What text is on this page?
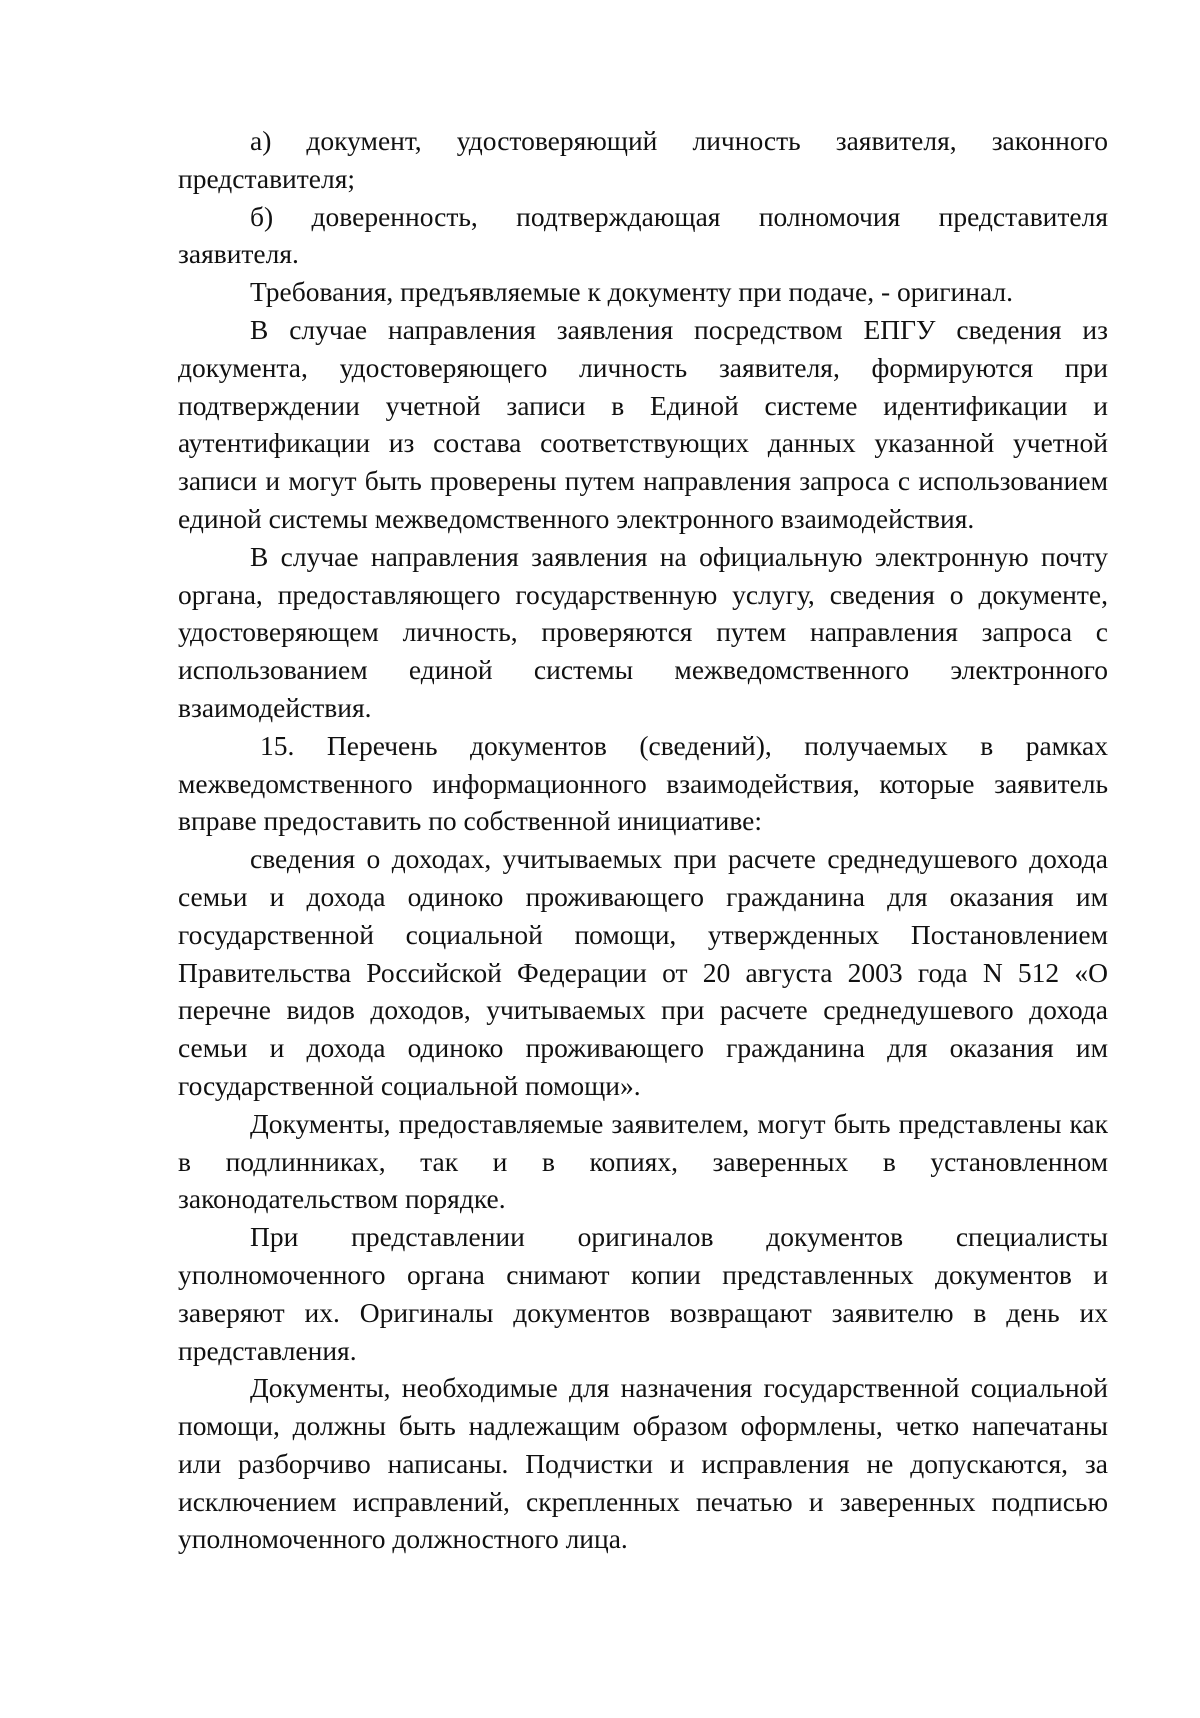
а) документ, удостоверяющий личность заявителя, законного представителя;

б) доверенность, подтверждающая полномочия представителя заявителя.

Требования, предъявляемые к документу при подаче, - оригинал.

В случае направления заявления посредством ЕПГУ сведения из документа, удостоверяющего личность заявителя, формируются при подтверждении учетной записи в Единой системе идентификации и аутентификации из состава соответствующих данных указанной учетной записи и могут быть проверены путем направления запроса с использованием единой системы межведомственного электронного взаимодействия.

В случае направления заявления на официальную электронную почту органа, предоставляющего государственную услугу, сведения о документе, удостоверяющем личность, проверяются путем направления запроса с использованием единой системы межведомственного электронного взаимодействия.

15. Перечень документов (сведений), получаемых в рамках межведомственного информационного взаимодействия, которые заявитель вправе предоставить по собственной инициативе:

сведения о доходах, учитываемых при расчете среднедушевого дохода семьи и дохода одиноко проживающего гражданина для оказания им государственной социальной помощи, утвержденных Постановлением Правительства Российской Федерации от 20 августа 2003 года N 512 «О перечне видов доходов, учитываемых при расчете среднедушевого дохода семьи и дохода одиноко проживающего гражданина для оказания им государственной социальной помощи».

Документы, предоставляемые заявителем, могут быть представлены как в подлинниках, так и в копиях, заверенных в установленном законодательством порядке.

При представлении оригиналов документов специалисты уполномоченного органа снимают копии представленных документов и заверяют их. Оригиналы документов возвращают заявителю в день их представления.

Документы, необходимые для назначения государственной социальной помощи, должны быть надлежащим образом оформлены, четко напечатаны или разборчиво написаны. Подчистки и исправления не допускаются, за исключением исправлений, скрепленных печатью и заверенных подписью уполномоченного должностного лица.
